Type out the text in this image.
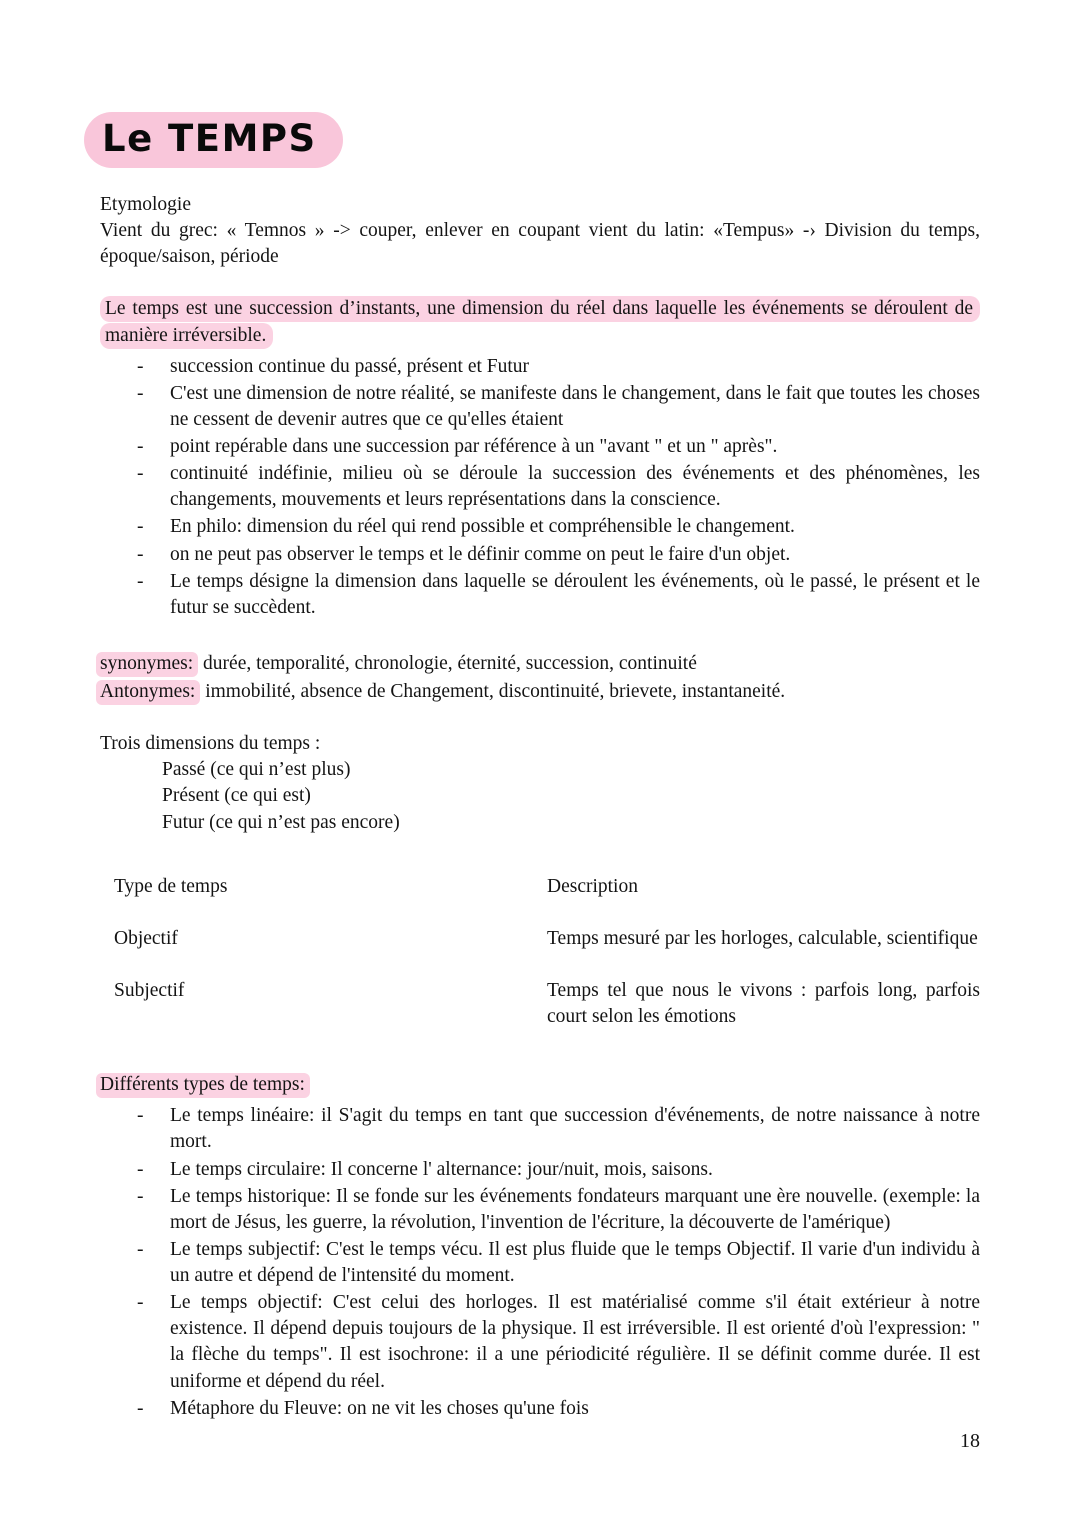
Le TEMPS

Etymologie

Vient du grec: « Temnos » -> couper, enlever en coupant vient du latin: «Tempus» -› Division du temps, époque/saison, période

Le temps est une succession d’instants, une dimension du réel dans laquelle les événements se déroulent de manière irréversible.

- succession continue du passé, présent et Futur
- C'est une dimension de notre réalité, se manifeste dans le changement, dans le fait que toutes les choses ne cessent de devenir autres que ce qu'elles étaient
- point repérable dans une succession par référence à un "avant " et un " après".
- continuité indéfinie, milieu où se déroule la succession des événements et des phénomènes, les changements, mouvements et leurs représentations dans la conscience.
- En philo: dimension du réel qui rend possible et compréhensible le changement.
- on ne peut pas observer le temps et le définir comme on peut le faire d'un objet.
- Le temps désigne la dimension dans laquelle se déroulent les événements, où le passé, le présent et le futur se succèdent.

synonymes: durée, temporalité, chronologie, éternité, succession, continuité

Antonymes: immobilité, absence de Changement, discontinuité, brievete, instantaneité.

Trois dimensions du temps :

Passé (ce qui n’est plus)
Présent (ce qui est)
Futur (ce qui n’est pas encore)
Type de temps	Description
Objectif	Temps mesuré par les horloges, calculable, scientifique
Subjectif	Temps tel que nous le vivons : parfois long, parfois court selon les émotions

Différents types de temps:

- Le temps linéaire: il S'agit du temps en tant que succession d'événements, de notre naissance à notre mort.
- Le temps circulaire: Il concerne l' alternance: jour/nuit, mois, saisons.
- Le temps historique: Il se fonde sur les événements fondateurs marquant une ère nouvelle. (exemple: la mort de Jésus, les guerre, la révolution, l'invention de l'écriture, la découverte de l'amérique)
- Le temps subjectif: C'est le temps vécu. Il est plus fluide que le temps Objectif. Il varie d'un individu à un autre et dépend de l'intensité du moment.
- Le temps objectif: C'est celui des horloges. Il est matérialisé comme s'il était extérieur à notre existence. Il dépend depuis toujours de la physique. Il est irréversible. Il est orienté d'où l'expression: " la flèche du temps". Il est isochrone: il a une périodicité régulière. Il se définit comme durée. Il est uniforme et dépend du réel.
- Métaphore du Fleuve: on ne vit les choses qu'une fois
18
